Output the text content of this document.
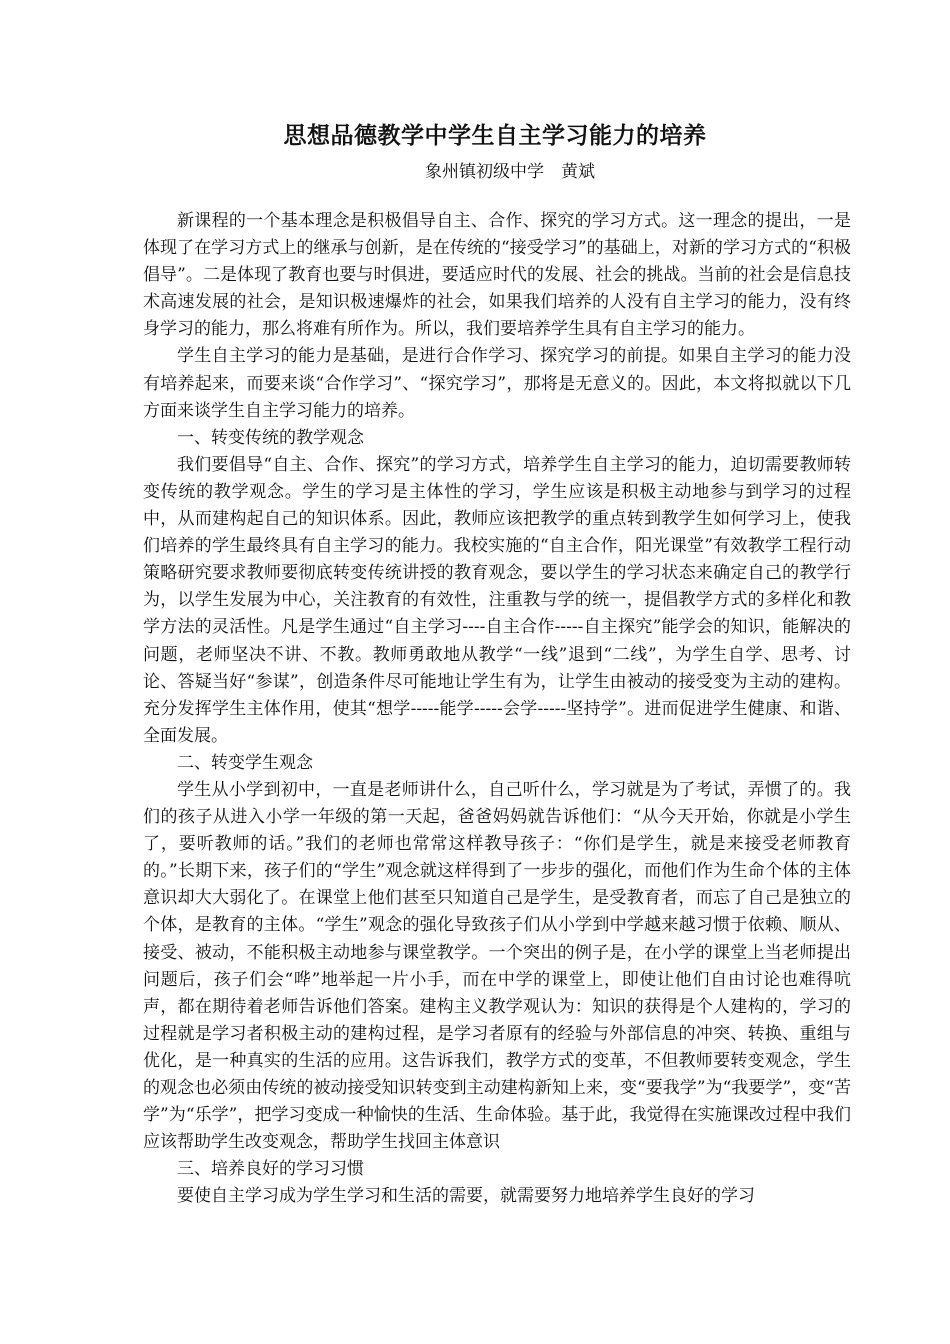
思想品德教学中学生自主学习能力的培养

象州镇初级中学　黄斌

新课程的一个基本理念是积极倡导自主、合作、探究的学习方式。这一理念的提出，一是体现了在学习方式上的继承与创新，是在传统的“接受学习”的基础上，对新的学习方式的“积极倡导”。二是体现了教育也要与时俱进，要适应时代的发展、社会的挑战。当前的社会是信息技术高速发展的社会，是知识极速爆炸的社会，如果我们培养的人没有自主学习的能力，没有终身学习的能力，那么将难有所作为。所以，我们要培养学生具有自主学习的能力。

学生自主学习的能力是基础，是进行合作学习、探究学习的前提。如果自主学习的能力没有培养起来，而要来谈“合作学习”、“探究学习”，那将是无意义的。因此，本文将拟就以下几方面来谈学生自主学习能力的培养。

一、转变传统的教学观念

我们要倡导“自主、合作、探究”的学习方式，培养学生自主学习的能力，迫切需要教师转变传统的教学观念。学生的学习是主体性的学习，学生应该是积极主动地参与到学习的过程中，从而建构起自己的知识体系。因此，教师应该把教学的重点转到教学生如何学习上，使我们培养的学生最终具有自主学习的能力。我校实施的“自主合作，阳光课堂”有效教学工程行动策略研究要求教师要彻底转变传统讲授的教育观念，要以学生的学习状态来确定自己的教学行为，以学生发展为中心，关注教育的有效性，注重教与学的统一，提倡教学方式的多样化和教学方法的灵活性。凡是学生通过“自主学习----自主合作-----自主探究”能学会的知识，能解决的问题，老师坚决不讲、不教。教师勇敢地从教学“一线”退到“二线”，为学生自学、思考、讨论、答疑当好“参谋”，创造条件尽可能地让学生有为，让学生由被动的接受变为主动的建构。充分发挥学生主体作用，使其“想学-----能学-----会学-----坚持学”。进而促进学生健康、和谐、全面发展。

二、转变学生观念

学生从小学到初中，一直是老师讲什么，自己听什么，学习就是为了考试，弄惯了的。我们的孩子从进入小学一年级的第一天起，爸爸妈妈就告诉他们：“从今天开始，你就是小学生了，要听教师的话。”我们的老师也常常这样教导孩子：“你们是学生，就是来接受老师教育的。”长期下来，孩子们的“学生”观念就这样得到了一步步的强化，而他们作为生命个体的主体意识却大大弱化了。在课堂上他们甚至只知道自己是学生，是受教育者，而忘了自己是独立的个体，是教育的主体。“学生”观念的强化导致孩子们从小学到中学越来越习惯于依赖、顺从、接受、被动，不能积极主动地参与课堂教学。一个突出的例子是，在小学的课堂上当老师提出问题后，孩子们会“哗”地举起一片小手，而在中学的课堂上，即使让他们自由讨论也难得吭声，都在期待着老师告诉他们答案。建构主义教学观认为：知识的获得是个人建构的，学习的过程就是学习者积极主动的建构过程，是学习者原有的经验与外部信息的冲突、转换、重组与优化，是一种真实的生活的应用。这告诉我们，教学方式的变革，不但教师要转变观念，学生的观念也必须由传统的被动接受知识转变到主动建构新知上来，变“要我学”为“我要学”，变“苦学”为“乐学”，把学习变成一种愉快的生活、生命体验。基于此，我觉得在实施课改过程中我们应该帮助学生改变观念，帮助学生找回主体意识

三、培养良好的学习习惯

要使自主学习成为学生学习和生活的需要，就需要努力地培养学生良好的学习
